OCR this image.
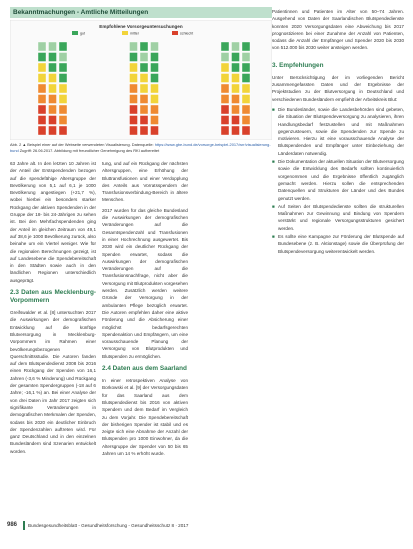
Bekanntmachungen - Amtliche Mitteilungen
Empfohlene Vorsorgeuntersuchungen
gut	mittel	schlecht
Abb. 2 ▲ Beispiel einer auf der Webseite verwendeten Visualisierung. Datenquelle: https://www.gbe-bund.de/vorsorge-beispiel-2017/wrr/visualisierung-bund Zugriff: 26.06.2017. Abbildung mit freundlicher Genehmigung des RKI aufbereitet

63 Jahre alt. In den letzten 10 Jahren ist der Anteil der Erstspendenden bezogen auf die spendefähige Altersgruppe der Bevölkerung von 5,1 auf 6,1 je 1000 Bevölkerung angestiegen (+21,7 %), wobei hierbei ein besonders starker Rückgang der aktiven Spendenden in der Gruppe der 18- bis 24-Jährigen zu sehen ist. Bei den Mehrfachspendenden ging der Anteil im gleichen Zeitraum von 49,1 auf 38,6 je 1000 Bevölkerung zurück, also beinahe um ein Viertel weniger. Wie für die regionalen Berechnungen gezeigt, ist auf Landesebene die Spendebereitschaft in den Städten sowie auch in den ländlichen Regionen unterschiedlich ausgeprägt.

2.3 Daten aus Mecklenburg-Vorpommern

Greifswalder et al. [8] untersuchten 2017 die Auswirkungen der demografischen Entwicklung auf die künftige Blutversorgung in Mecklenburg-Vorpommern im Rahmen einer bevölkerungsbezogenen Querschnittsstudie. Die Autoren fanden auf dem Blutspendedienst 2008 bis 2016 einen Rückgang der Spenden von 16,1 Jahren (-3,6 % Minderung) und Rückgang der gesamten Spendergruppen (-18 auf 6 Jahre; -16,1 %) an. Bei einer Analyse der von drei Daten im Jahr 2017 zeigten sich signifikante Veränderungen in demografischen Merkmalen der Spenden, sodass bis 2020 ein deutlicher Einbruch der Spendenzahlen auftreten wird. Für ganz Deutschland und in den einzelnen Bundesländern sind Szenarien entwickelt worden.

tung, und auf ein Rückgang der nächsten Altersgruppen, eine Erhöhung der Bluttransfusionen und einer Verdopplung des Anteils aus Vorratsspendern der Transfusionsverbindung-Bereich in ältere Menschen.

2017 wurden für das gleiche Bundesland die Auswirkungen der demografischen Veränderungen auf die Gesamtspendenzahl und Transfusionen in einer Hochrechnung ausgewertet. Bis 2030 wird ein deutlicher Rückgang der Spenden erwartet, sodass die Auswirkungen der demografischen Veränderungen auf die Transfusionsnachfrage, nicht aber die Versorgung mit Blutprodukten vorgesehen werden. Zusätzlich werden weitere Gründe der Versorgung in der ambulanten Pflege bezüglich erwartet. Die Autoren empfehlen daher eine aktive Förderung und die Absicherung einer möglichst bedarfsgerechten Spendenaktion und Empfängern, um eine vorausschauende Planung der Versorgung von Blutprodukten und Blutspenden zu ermöglichen.

2.4 Daten aus dem Saarland

In einer retrospektiven Analyse von Borkowski et al. [9] der Versorgungsdaten für das Saarland aus dem Blutspendedienst bis 2016 von aktiven Spendern und dem Bedarf im Vergleich zu dem Vorjahr. Die Spendebereitschaft der bisherigen Spender ist stabil und es zeigte sich eine Abnahme der Anzahl der Blutspenden pro 1000 Einwohner, da die Altersgruppe der Spender von 50 bis 65 Jahren um 14 % erhöht wurde.

Patientinnen und Patienten im Alter von 50–74 Jahren. Ausgehend von Daten der Saarlandischen Blutspendedienste konnten 2020 Versorgungsdaten eine Abweichung bis 2017 prognostizieren bei einer Zunahme der Anzahl von Patienten, sodass die Anzahl der Empfänger und Spender 2020 bis 2030 von 512.000 bis 2030 weiter ansteigen werden.

3. Empfehlungen

Unter Berücksichtigung der im vorliegenden Bericht zusammengefassten Daten und der Ergebnisse der Projektstudien zu der Blutversorgung in Deutschland und verschiedenen Bundesländern empfiehlt der Arbeitskreis Blut:

■ Die Bundesländer, sowie die Landesbehörden sind gebeten, die Situation der Blutspendeversorgung zu analysieren, ihren Handlungsbedarf festzustellen und mit Maßnahmen gegenzusteuern, sowie die Spendenden zur Spende zu motivieren. Hierzu ist eine vorausschauende Analyse der Blutspendenden und Empfänger unter Einbeziehung der Länderdaten notwendig.
■ Die Dokumentation der aktuellen Situation der Blutversorgung sowie die Entwicklung des Bedarfs sollten kontinuierlich vorgenommen und die Ergebnisse öffentlich zugänglich gemacht werden. Hierzu sollen die entsprechenden Datenquellen und Strukturen der Länder und des Bundes genutzt werden.
■ Auf Seiten der Blutspendedienste sollten die strukturellen Maßnahmen zur Gewinnung und Bindung von Spendern verstärkt und regionale Versorgungsstrukturen gesichert werden.
■ Es sollte eine Kampagne zur Förderung der Blutspende auf Bundesebene (z. B. Aktionstage) sowie die Überprüfung der Blutspendeversorgung weiterentwickelt werden.
986 Bundesgesundheitsblatt - Gesundheitsforschung - Gesundheitsschutz 8 · 2017
